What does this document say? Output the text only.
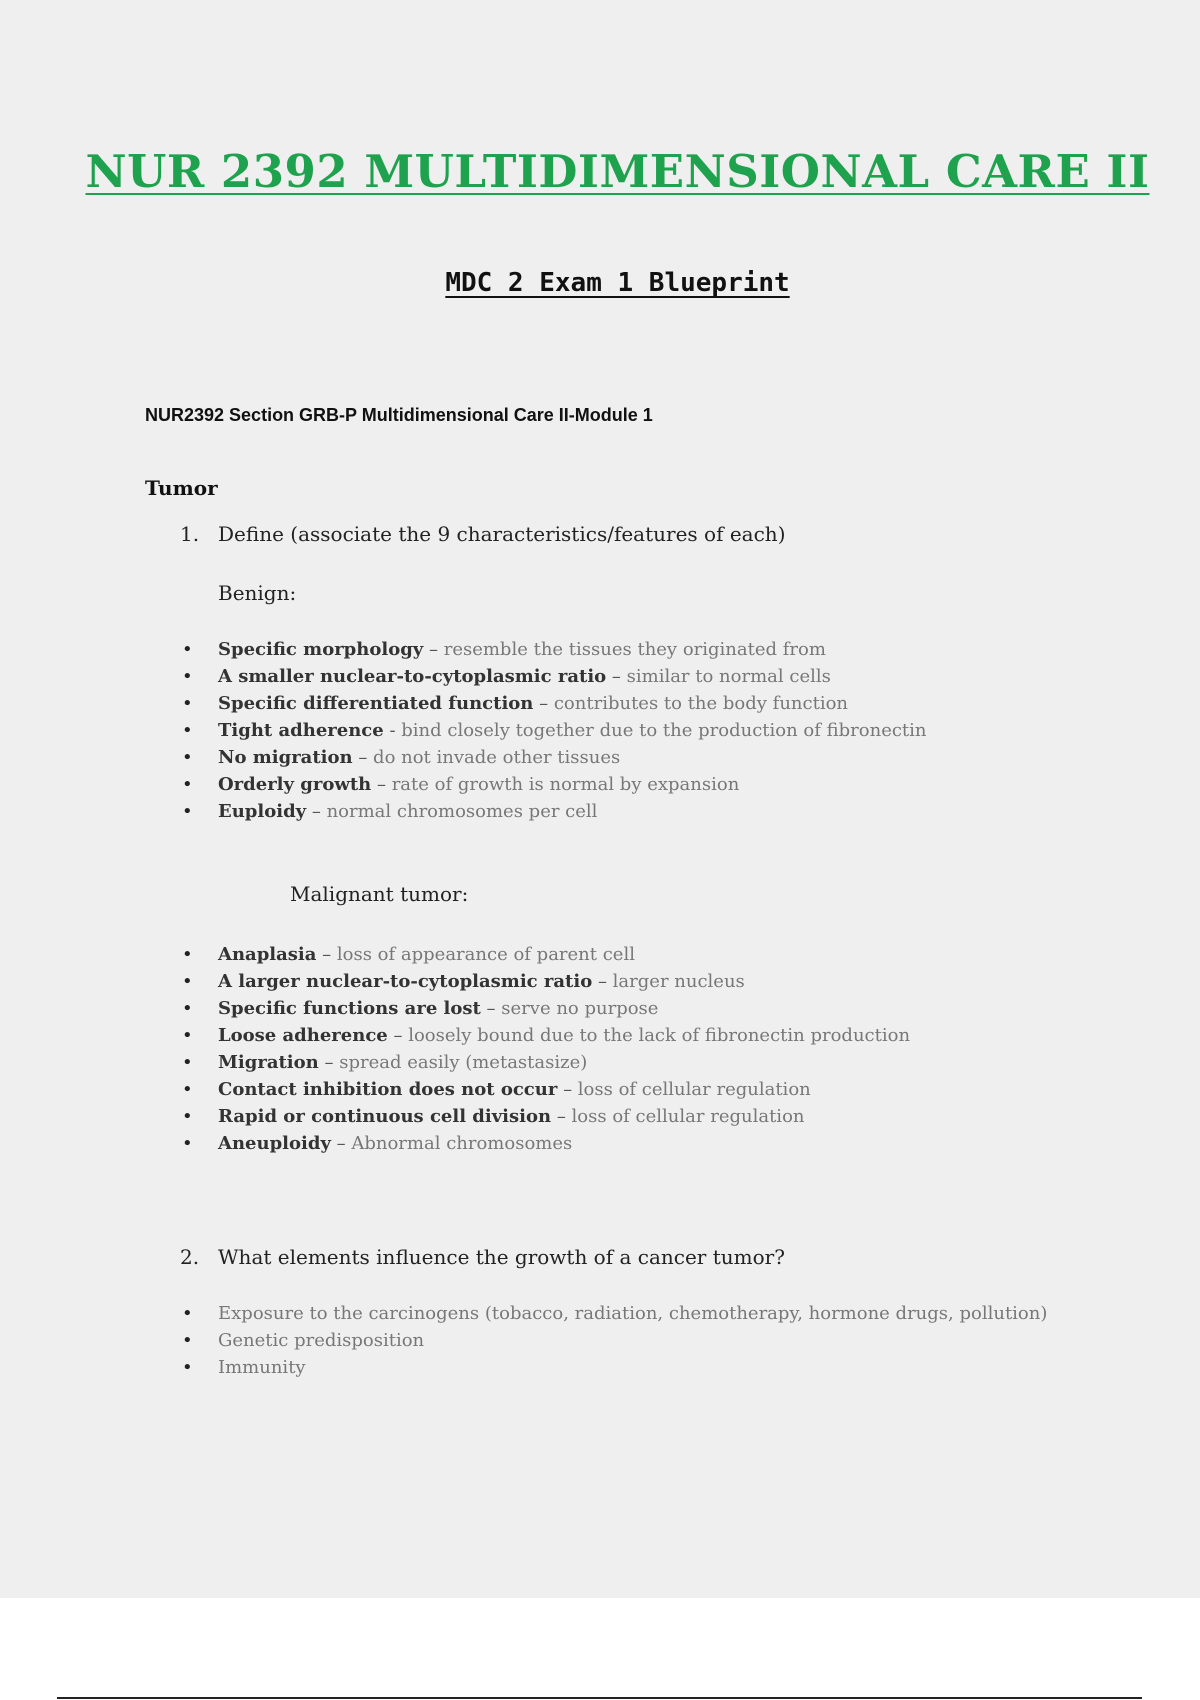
NUR 2392 MULTIDIMENSIONAL CARE II
MDC 2 Exam 1 Blueprint
NUR2392 Section GRB-P Multidimensional Care II-Module 1
Tumor
1. Define (associate the 9 characteristics/features of each)
Benign:
• Specific morphology – resemble the tissues they originated from
• A smaller nuclear-to-cytoplasmic ratio – similar to normal cells
• Specific differentiated function – contributes to the body function
• Tight adherence - bind closely together due to the production of fibronectin
• No migration – do not invade other tissues
• Orderly growth – rate of growth is normal by expansion
• Euploidy – normal chromosomes per cell
Malignant tumor:
• Anaplasia – loss of appearance of parent cell
• A larger nuclear-to-cytoplasmic ratio – larger nucleus
• Specific functions are lost – serve no purpose
• Loose adherence – loosely bound due to the lack of fibronectin production
• Migration – spread easily (metastasize)
• Contact inhibition does not occur – loss of cellular regulation
• Rapid or continuous cell division – loss of cellular regulation
• Aneuploidy – Abnormal chromosomes
2. What elements influence the growth of a cancer tumor?
• Exposure to the carcinogens (tobacco, radiation, chemotherapy, hormone drugs, pollution)
• Genetic predisposition
• Immunity
